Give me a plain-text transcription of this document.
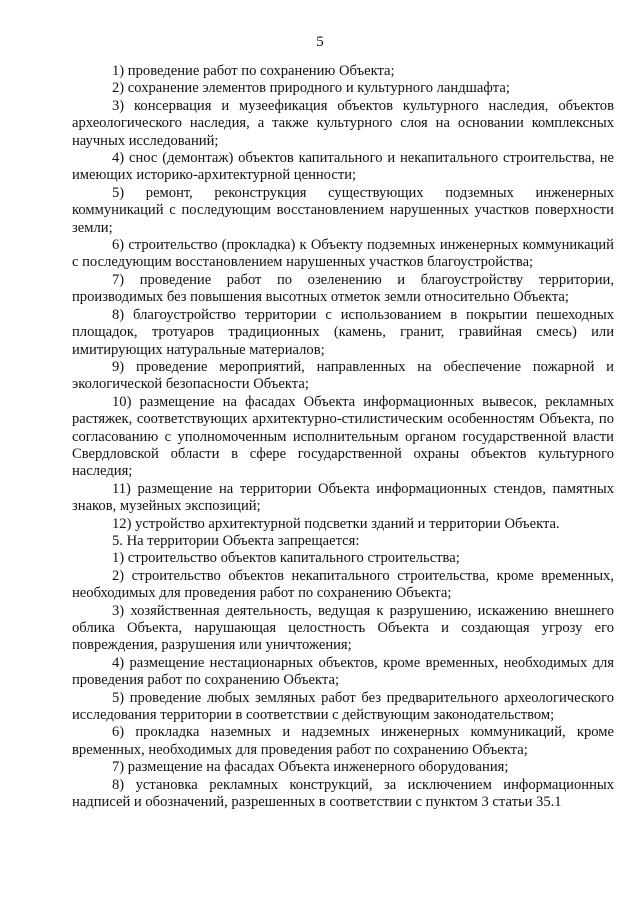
5

1) проведение работ по сохранению Объекта;

2) сохранение элементов природного и культурного ландшафта;

3) консервация и музеефикация объектов культурного наследия, объектов археологического наследия, а также культурного слоя на основании комплексных научных исследований;

4) снос (демонтаж) объектов капитального и некапитального строительства, не имеющих историко-архитектурной ценности;

5) ремонт, реконструкция существующих подземных инженерных коммуникаций с последующим восстановлением нарушенных участков поверхности земли;

6) строительство (прокладка) к Объекту подземных инженерных коммуникаций с последующим восстановлением нарушенных участков благоустройства;

7) проведение работ по озеленению и благоустройству территории, производимых без повышения высотных отметок земли относительно Объекта;

8) благоустройство территории с использованием в покрытии пешеходных площадок, тротуаров традиционных (камень, гранит, гравийная смесь) или имитирующих натуральные материалов;

9) проведение мероприятий, направленных на обеспечение пожарной и экологической безопасности Объекта;

10) размещение на фасадах Объекта информационных вывесок, рекламных растяжек, соответствующих архитектурно-стилистическим особенностям Объекта, по согласованию с уполномоченным исполнительным органом государственной власти Свердловской области в сфере государственной охраны объектов культурного наследия;

11) размещение на территории Объекта информационных стендов, памятных знаков, музейных экспозиций;

12) устройство архитектурной подсветки зданий и территории Объекта.

5. На территории Объекта запрещается:

1) строительство объектов капитального строительства;

2) строительство объектов некапитального строительства, кроме временных, необходимых для проведения работ по сохранению Объекта;

3) хозяйственная деятельность, ведущая к разрушению, искажению внешнего облика Объекта, нарушающая целостность Объекта и создающая угрозу его повреждения, разрушения или уничтожения;

4) размещение нестационарных объектов, кроме временных, необходимых для проведения работ по сохранению Объекта;

5) проведение любых земляных работ без предварительного археологического исследования территории в соответствии с действующим законодательством;

6) прокладка наземных и надземных инженерных коммуникаций, кроме временных, необходимых для проведения работ по сохранению Объекта;

7) размещение на фасадах Объекта инженерного оборудования;

8) установка рекламных конструкций, за исключением информационных надписей и обозначений, разрешенных в соответствии с пунктом 3 статьи 35.1
